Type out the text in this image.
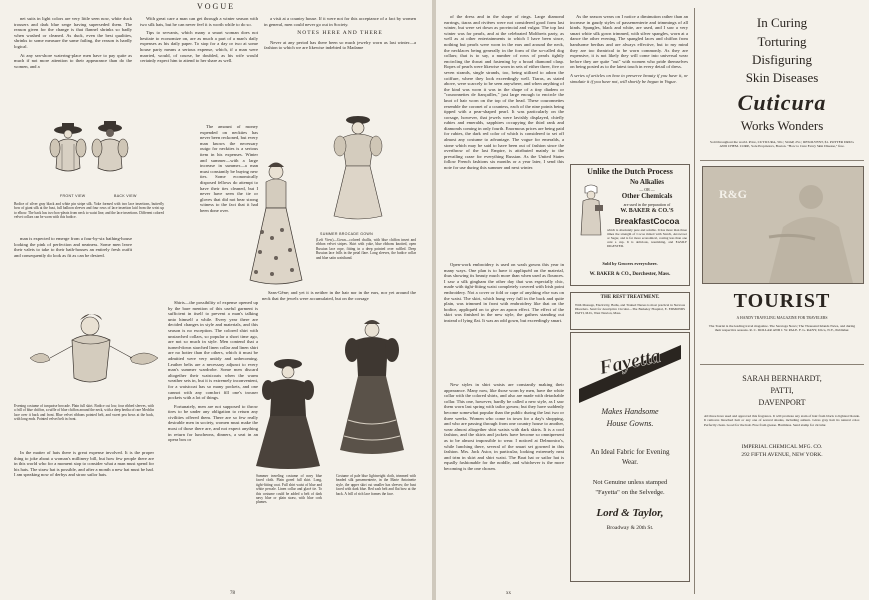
VOGUE

net suits in light colors are very little seen now, white duck trousers and dark blue serge having superseded them. The reason given for the change is that flannel shrinks so badly when washed or cleaned. As duck, even the best qualities, shrinks to some measure the same failing, the reason is hardly logical.

At any sea-shore watering-place men have to pay quite as much if not more attention to their appearance than do the women, and a

FRONT VIEW	BACK VIEW
Bodice of silver gray black and white pin stripe silk. Yoke formed with two lace insertions, butterfly bow of giant silk at the bust, full balloon sleeves and four rows of lace insertion laid from the wrist up to elbow. The back has two box-pleats from neck to waist line, and the lace insertions. Different colored velvet collars can be worn with this bodice.

man is expected to emerge from a four-by-six bathing-house looking the pink of perfection and neatness. Some men leave their valets to take to their bath-houses an entirely fresh outfit and consequently do look as fit as can be desired.

Evening costume of turquoise brocade. Plain full skirt. Bodice cut low, four ribbed sleeves, with a frill of blue chiffon, a ruffle of blue chiffon around the neck, with a deep bertha of rare Mechlin lace over it back and front. Blue velvet ribbons pointed belt, and sweet pea bows at the back, with long ends. Pointed velvet belt in front.

In the matter of hats there is great expense involved. It is the proper thing to joke about a woman's millinery bill, but how few people there are in this world who for a moment stop to consider what a man must spend for his hats. The straw hat is possible, and after a month a new hat must be had. I am speaking now of derbys and straw sailor hats.

With great care a man can get through a winter season with two silk hats, but he can never feel it is worth while to do so.

Tips to servants, which many a smart woman does not hesitate to economize on, are as much a part of a man's daily expenses as his daily paper. To stop for a day or two at some house party means a serious expense, which, if a man were married, would, of course, be doubled, as his wife would certainly expect him to attend to her share as well.

The amount of money expended on neckties has never been reckoned, but every man knows the necessary outgo for neckties is a serious item in his expenses. Winter and summer—with a large increase in summer—a man must constantly be buying new ties. Some economically disposed fellows do attempt to have their ties cleaned, but I never have seen the tie or gloves that did not bear strong witness to the fact that it had been done over.

Shirts—the possibility of expense opened up by the bare mention of this useful garment is sufficient in itself to prevent a man's talking unto himself a while. Every year there are decided changes in style and materials, and this season is no exception. The colored shirt with unstarched collars, so popular a short time ago, are not so much in style. Men contend that a turned-down starched linen collar and linen shirt are no hotter than the others, which it must be admitted were very untidy and unbecoming. Leather belts are a necessary adjunct to every man's summer wardrobe. Some men discard altogether their waistcoats when the warm weather sets in, but it is extremely inconvenient, for a waistcoat has so many pockets, and one cannot with any comfort fill one's trouser pockets with a lot of things.

Fortunately, men are not supposed to throw tires to be under any obligation to return any civilities offered them. There are so few really desirable men in society, women must make the most of those there are, and not expect anything in return for luncheons, dinners, a seat in an opera box or

a visit at a country house. If it were not for this acceptance of a fact by women in general, men could never go out in Society.

NOTES HERE AND THERE

Never at any period has there been so much jewelry worn as last winter—a fashion to which we are likewise indebted to Madame

SUMMER BROCADE GOWN
(Left View)—Gown—colored challis, with blue chiffon insert and ribbon velvet stripes. Skirt with yoke, blue ribbons knotted, open Russian lace rope, fitting in a deep pointed over ruffled. Deep Russian lace frills in the petal flare. Long sleeves, the bodice collar and blue satin waistband.

Sans-Gêne; and yet it is neither in the hair nor in the ears, nor yet around the neck that the jewels were accumulated, but on the corsage

Summer traveling costume of navy blue faced cloth. Plain gored full skirt. Long, tight-fitting coat. Full shirt waist of blue and white percale. Linen collar and glacé tie. To this costume could be added a belt of dark navy blue or plain straw, with blue cork plumes.
Costume of pale blue lightweight cloth, trimmed with beaded silk passementerie, in the Marie Antoinette style, the upper skirt cut smaller has sleeves; the bust faced with dark blue. Red sash belt and flat bow at the back. A frill of rich lace frames the face.
78

of the dress and in the shape of rings. Large diamond earrings, tiaras and rivières were not considered good form last winter, but were set down as provincial and vulgar. The top last winter was for pearls, and at the celebrated Moltbreis party, as well as at other entertainments to which I have been since, nothing but pearls were worn in the ears and around the neck, the necklaces being generally in the form of the so-called dog collars; that is to say, a number of rows of pearls tightly encircling the throat and fastening by a broad diamond clasp. Ropes of pearls were likewise worn in sets of either three, five or seven strands, single strands, too, being utilized to adorn the coiffure, where they look exceedingly well. Tiaras, as stated above, were scarcely to be seen anywhere, and when anything of the kind was worn it was in the shape of a tiny diadem or "couronnettes de fiançailles," just large enough to encircle the knot of hair worn on the top of the head. These couronnettes resemble the coronet of a countess, each of the nine points being tipped with a pear-shaped pearl. It was particularly on the corsage, however, that jewels were lavishly displayed, chiefly rubies and emeralds, sapphires occupying the third rank and diamonds coming in only fourth. Enormous prices are being paid for rubies, the dark red color of which is considered to set off almost any costume to advantage. The vogue for emeralds, a stone which may be said to have been out of fashion since the overthrow of the last Empire, is attributed mainly to the prevailing craze for everything Russian. As the United States follow French fashions six months or a year later, I send this note for use during this summer and next winter.

Open-work embroidery is used on wash gowns this year in many ways. One plan is to have it appliquéd on the material, thus showing its beauty much more than when used as flounces. I saw a silk gingham the other day that was especially chic, made with tight-fitting waist completely covered with Irish point embroidery. Not a cover or fold or cape of anything else was on the waist. The skirt, which hung very full in the back and quite plain, was trimmed in front with embroidery like that on the bodice, appliquéd on to give an apron effect. The effect of the skirt was finished in the new style, the gathers standing out instead of lying flat. It was an odd gown, but exceedingly smart.

New styles in shirt waists are constantly making their appearance. Many now, like those worn by men, have the white collar with the colored shirts, and also are made with detachable collar. This one, however, hardly be called a new style, as I saw them worn last spring with tailor gowns; but they have suddenly become somewhat popular than the public during the last two or three weeks. Women who come in town for a day's shopping, and who are passing through from one country house to another, wear almost altogether shirt waists with dark skirts. It is a cool fashion, and the skirts and jackets have become so omnipresent as to be almost impossible to wear. I noticed at Delmonico's, while lunching there, several of the smart set gowned in this fashion. Mrs. Jack Astor, in particular, looking extremely neat and trim in skirt and shirt waist. The Boat hat or sailor hat is equally fashionable for the noddle, and whichever is the more becoming is the one chosen.

As the season wears on I notice a diminution rather than an increase in gaudy styles of passementerie and trimmings of all kinds. Spangles, black and white, are used, and I saw a very smart white silk gown trimmed, with silver spangles, worn at a dance the other evening. The spangled laces and chiffon from handsome berthas and are always effective, but to my mind they are too theatrical to be worn commonly. As they are expensive, it is not likely they will come into universal wear before they are quite "out" with women who pride themselves on being posted as to the latest touch in every detail of dress.

A series of articles on how to preserve beauty if you have it, or simulate it if you have not, will shortly be begun in Vogue.

Unlike the Dutch Process
No Alkalies
— OR —
Other Chemicals
are used in the preparation of
W. BAKER & CO.'S
BreakfastCocoa
which is absolutely pure and soluble. It has more than three times the strength of Cocoa mixed with Starch, Arrowroot or Sugar, and is far more economical, costing less than one cent a cup. It is delicious, nourishing, and EASILY DIGESTED.
Sold by Grocers everywhere.
W. BAKER & CO., Dorchester, Mass.
THE REST TREATMENT.
With Massage, Electricity, Baths, and Trained Nurses is most practical in Nervous Disorders. Send for descriptive Circular—The Berkeley Hospital, E. EDMONDS PATTI, M.D., West Newton, Mass.
Fayetta
Makes Handsome
House Gowns.
An Ideal Fabric for Evening Wear.
Not Genuine unless stamped
"Fayetta" on the Selvedge.
Lord & Taylor,
Broadway & 20th St.
xx
In Curing
Torturing
Disfiguring
Skin Diseases
Cuticura
Works Wonders
Sold throughout the world. Price, CUTICURA, 50c.; SOAP, 25c.; RESOLVENT, $1. POTTER DRUG AND CHEM. CORP., Sole Proprietors, Boston. "How to Cure Every Skin Disease," free.
R&G
TOURIST
A HANDY TRAVELING MAGAZINE FOR TRAVELERS
The Tourist is the leading travel magazine. The Saratoga News; The Thousand Islands News, and during their respective seasons. R. C. DOLLAR AND J. W. PALE. F. G. RANY, Utica, N.Y., Publisher.
SARAH BERNHARDT,
PATTI,
DAVENPORT
All three have used and approved this fragrance. It will promote any stain of hair from black to lightest blonde. It removes bleached hair or any one of several shades, including auburn. Gives gray hair its natural color. Perfectly clean. Good for the hair. Free from grease. Harmless. Send stamp for circular.
IMPERIAL CHEMICAL MFG. CO.
292 FIFTH AVENUE, NEW YORK.
